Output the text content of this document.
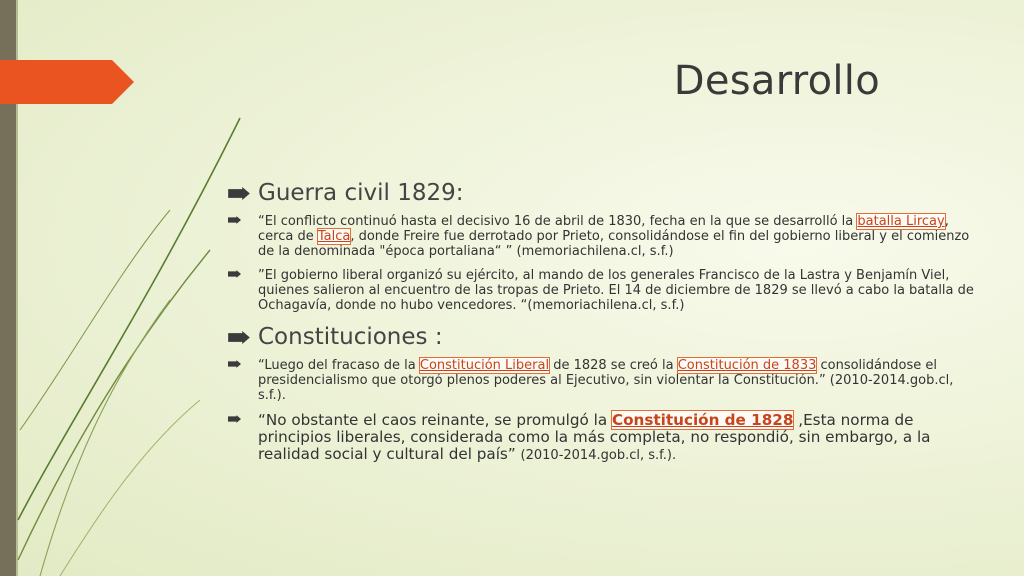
Desarrollo
Guerra civil 1829:

“El conflicto continuó hasta el decisivo 16 de abril de 1830, fecha en la que se desarrolló la batalla Lircay, cerca de Talca, donde Freire fue derrotado por Prieto, consolidándose el fin del gobierno liberal y el comienzo de la denominada "época portaliana“ ” (memoriachilena.cl, s.f.)

”El gobierno liberal organizó su ejército, al mando de los generales Francisco de la Lastra y Benjamín Viel, quienes salieron al encuentro de las tropas de Prieto. El 14 de diciembre de 1829 se llevó a cabo la batalla de Ochagavía, donde no hubo vencedores. “(memoriachilena.cl, s.f.)

Constituciones :

“Luego del fracaso de la Constitución Liberal de 1828 se creó la Constitución de 1833 consolidándose el presidencialismo que otorgó plenos poderes al Ejecutivo, sin violentar la Constitución.” (2010-2014.gob.cl, s.f.).

“No obstante el caos reinante, se promulgó la Constitución de 1828 ,Esta norma de principios liberales, considerada como la más completa, no respondió, sin embargo, a la realidad social y cultural del país” (2010-2014.gob.cl, s.f.).
